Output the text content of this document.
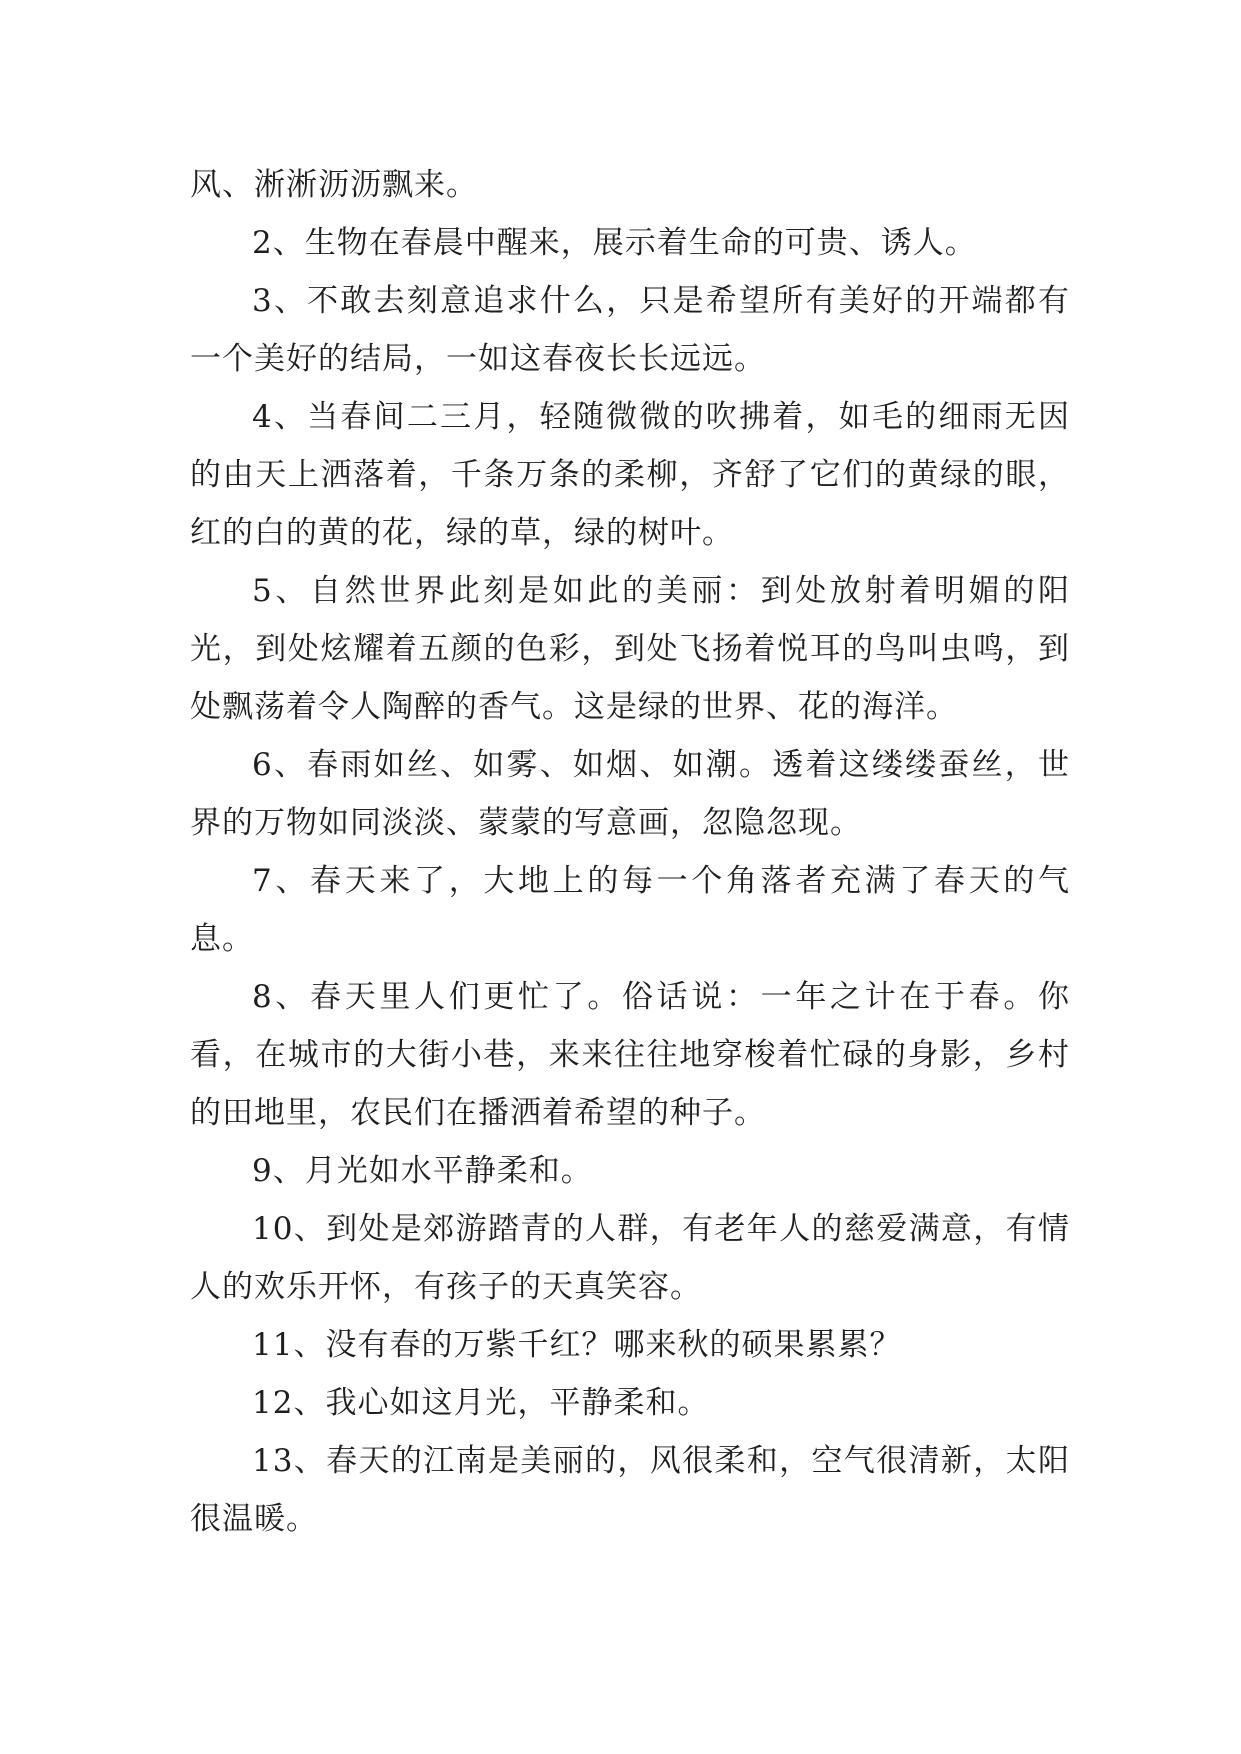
风、淅淅沥沥飘来。

2、生物在春晨中醒来，展示着生命的可贵、诱人。

3、不敢去刻意追求什么，只是希望所有美好的开端都有一个美好的结局，一如这春夜长长远远。

4、当春间二三月，轻随微微的吹拂着，如毛的细雨无因的由天上洒落着，千条万条的柔柳，齐舒了它们的黄绿的眼，红的白的黄的花，绿的草，绿的树叶。

5、自然世界此刻是如此的美丽：到处放射着明媚的阳光，到处炫耀着五颜的色彩，到处飞扬着悦耳的鸟叫虫鸣，到处飘荡着令人陶醉的香气。这是绿的世界、花的海洋。

6、春雨如丝、如雾、如烟、如潮。透着这缕缕蚕丝，世界的万物如同淡淡、蒙蒙的写意画，忽隐忽现。

7、春天来了，大地上的每一个角落者充满了春天的气息。

8、春天里人们更忙了。俗话说：一年之计在于春。你看，在城市的大街小巷，来来往往地穿梭着忙碌的身影，乡村的田地里，农民们在播洒着希望的种子。

9、月光如水平静柔和。

10、到处是郊游踏青的人群，有老年人的慈爱满意，有情人的欢乐开怀，有孩子的天真笑容。

11、没有春的万紫千红？哪来秋的硕果累累？

12、我心如这月光，平静柔和。

13、春天的江南是美丽的，风很柔和，空气很清新，太阳很温暖。
